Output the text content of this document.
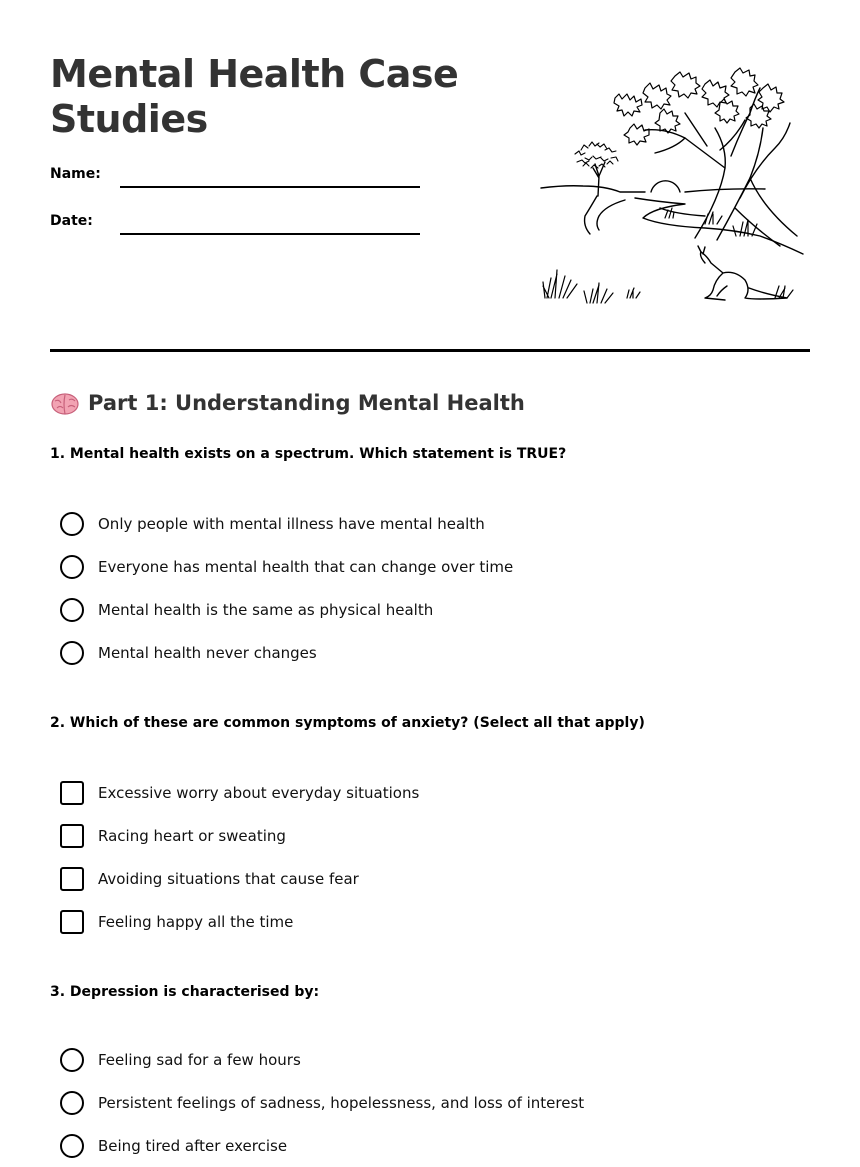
Mental Health Case
Studies
Name:
Date:
Part 1: Understanding Mental Health

1. Mental health exists on a spectrum. Which statement is TRUE?

Only people with mental illness have mental health
Everyone has mental health that can change over time
Mental health is the same as physical health
Mental health never changes

2. Which of these are common symptoms of anxiety? (Select all that apply)

Excessive worry about everyday situations
Racing heart or sweating
Avoiding situations that cause fear
Feeling happy all the time

3. Depression is characterised by:

Feeling sad for a few hours
Persistent feelings of sadness, hopelessness, and loss of interest
Being tired after exercise
